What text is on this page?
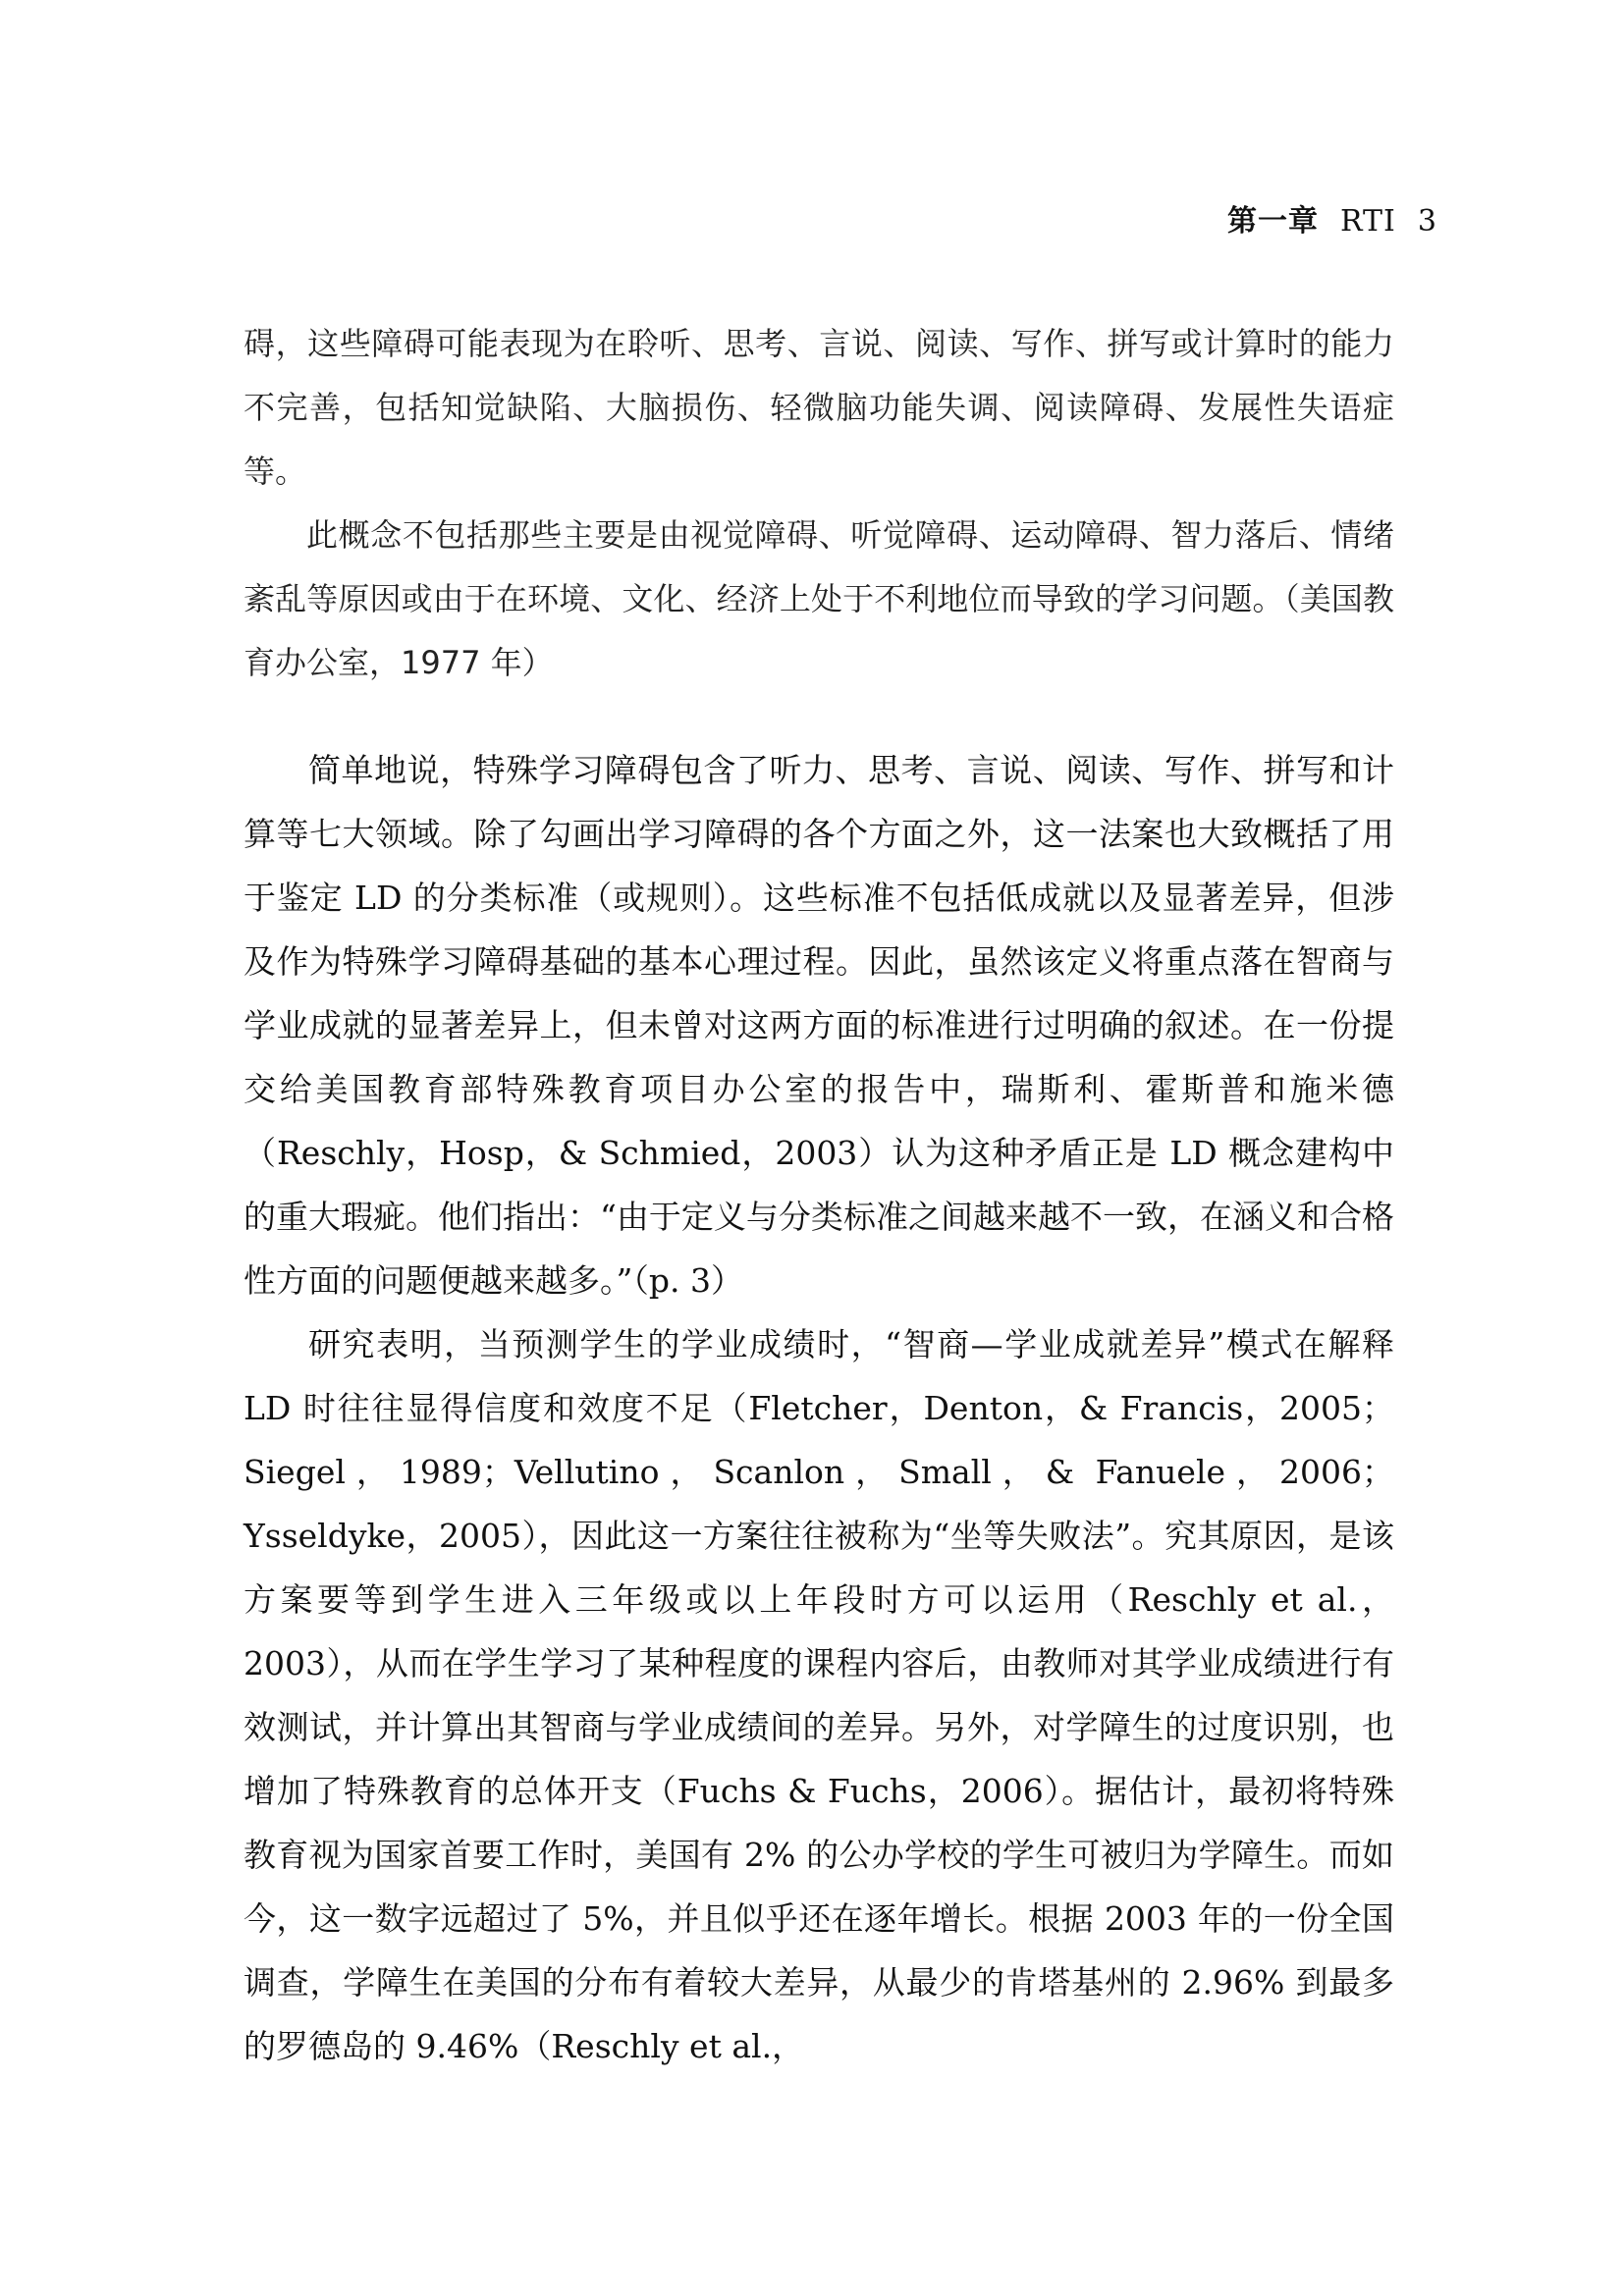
第一章 RTI 3

碍，这些障碍可能表现为在聆听、思考、言说、阅读、写作、拼写或计算时的能力不完善，包括知觉缺陷、大脑损伤、轻微脑功能失调、阅读障碍、发展性失语症等。

此概念不包括那些主要是由视觉障碍、听觉障碍、运动障碍、智力落后、情绪紊乱等原因或由于在环境、文化、经济上处于不利地位而导致的学习问题。（美国教育办公室，1977 年）

简单地说，特殊学习障碍包含了听力、思考、言说、阅读、写作、拼写和计算等七大领域。除了勾画出学习障碍的各个方面之外，这一法案也大致概括了用于鉴定 LD 的分类标准（或规则）。这些标准不包括低成就以及显著差异，但涉及作为特殊学习障碍基础的基本心理过程。因此，虽然该定义将重点落在智商与学业成就的显著差异上，但未曾对这两方面的标准进行过明确的叙述。在一份提交给美国教育部特殊教育项目办公室的报告中，瑞斯利、霍斯普和施米德（Reschly，Hosp，& Schmied，2003）认为这种矛盾正是 LD 概念建构中的重大瑕疵。他们指出：“由于定义与分类标准之间越来越不一致，在涵义和合格性方面的问题便越来越多。”（p. 3）

研究表明，当预测学生的学业成绩时，“智商—学业成就差异”模式在解释 LD 时往往显得信度和效度不足（Fletcher，Denton，& Francis，2005；Siegel，1989；Vellutino，Scanlon，Small，& Fanuele，2006；Ysseldyke，2005），因此这一方案往往被称为“坐等失败法”。究其原因，是该方案要等到学生进入三年级或以上年段时方可以运用（Reschly et al.，2003），从而在学生学习了某种程度的课程内容后，由教师对其学业成绩进行有效测试，并计算出其智商与学业成绩间的差异。另外，对学障生的过度识别，也增加了特殊教育的总体开支（Fuchs & Fuchs，2006）。据估计，最初将特殊教育视为国家首要工作时，美国有 2% 的公办学校的学生可被归为学障生。而如今，这一数字远超过了 5%，并且似乎还在逐年增长。根据 2003 年的一份全国调查，学障生在美国的分布有着较大差异，从最少的肯塔基州的 2.96% 到最多的罗德岛的 9.46%（Reschly et al.，
